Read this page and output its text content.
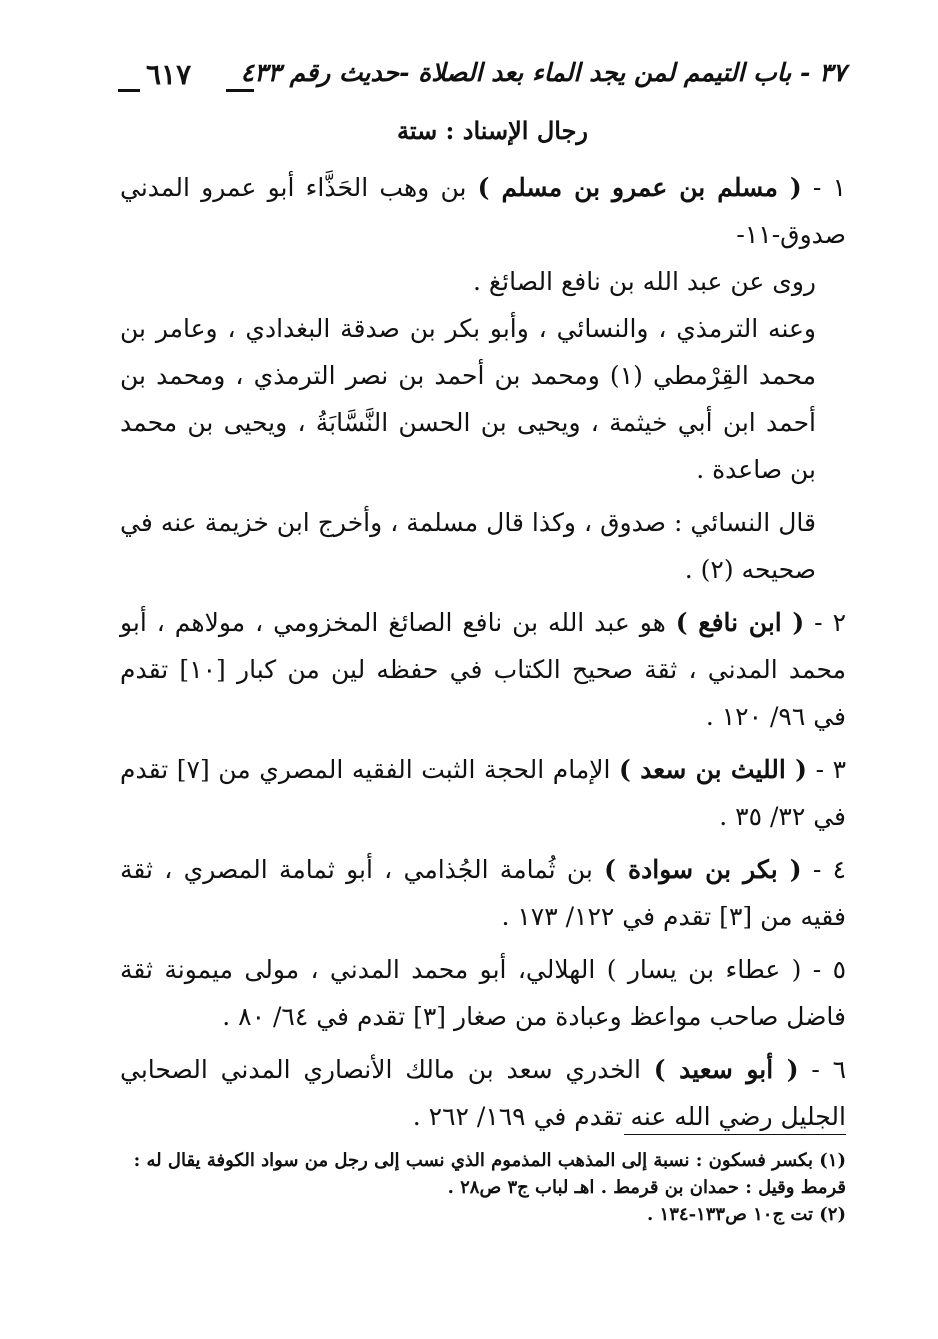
٣٧ - باب التيمم لمن يجد الماء بعد الصلاة -حديث رقم ٤٣٣
٦١٧
رجال الإسناد : ستة

١ - ( مسلم بن عمرو بن مسلم ) بن وهب الحَذَّاء أبو عمرو المدني صدوق-١١-

روى عن عبد الله بن نافع الصائغ .

وعنه الترمذي ، والنسائي ، وأبو بكر بن صدقة البغدادي ، وعامر بن محمد القِرْمطي (١) ومحمد بن أحمد بن نصر الترمذي ، ومحمد بن أحمد ابن أبي خيثمة ، ويحيى بن الحسن النَّسَّابَةُ ، ويحيى بن محمد بن صاعدة .

قال النسائي : صدوق ، وكذا قال مسلمة ، وأخرج ابن خزيمة عنه في صحيحه (٢) .

٢ - ( ابن نافع ) هو عبد الله بن نافع الصائغ المخزومي ، مولاهم ، أبو محمد المدني ، ثقة صحيح الكتاب في حفظه لين من كبار [١٠] تقدم في ٩٦/ ١٢٠ .

٣ - ( الليث بن سعد ) الإمام الحجة الثبت الفقيه المصري من [٧] تقدم في ٣٢/ ٣٥ .

٤ - ( بكر بن سوادة ) بن ثُمامة الجُذامي ، أبو ثمامة المصري ، ثقة فقيه من [٣] تقدم في ١٢٢/ ١٧٣ .

٥ - ( عطاء بن يسار ) الهلالي، أبو محمد المدني ، مولى ميمونة ثقة فاضل صاحب مواعظ وعبادة من صغار [٣] تقدم في ٦٤/ ٨٠ .

٦ - ( أبو سعيد ) الخدري سعد بن مالك الأنصاري المدني الصحابي الجليل رضي الله عنه تقدم في ١٦٩/ ٢٦٢ .

(١) بكسر فسكون : نسبة إلى المذهب المذموم الذي نسب إلى رجل من سواد الكوفة يقال له : قرمط وقيل : حمدان بن قرمط . اهـ لباب ج٣ ص٢٨ .

(٢) تت ج١٠ ص١٣٣-١٣٤ .
